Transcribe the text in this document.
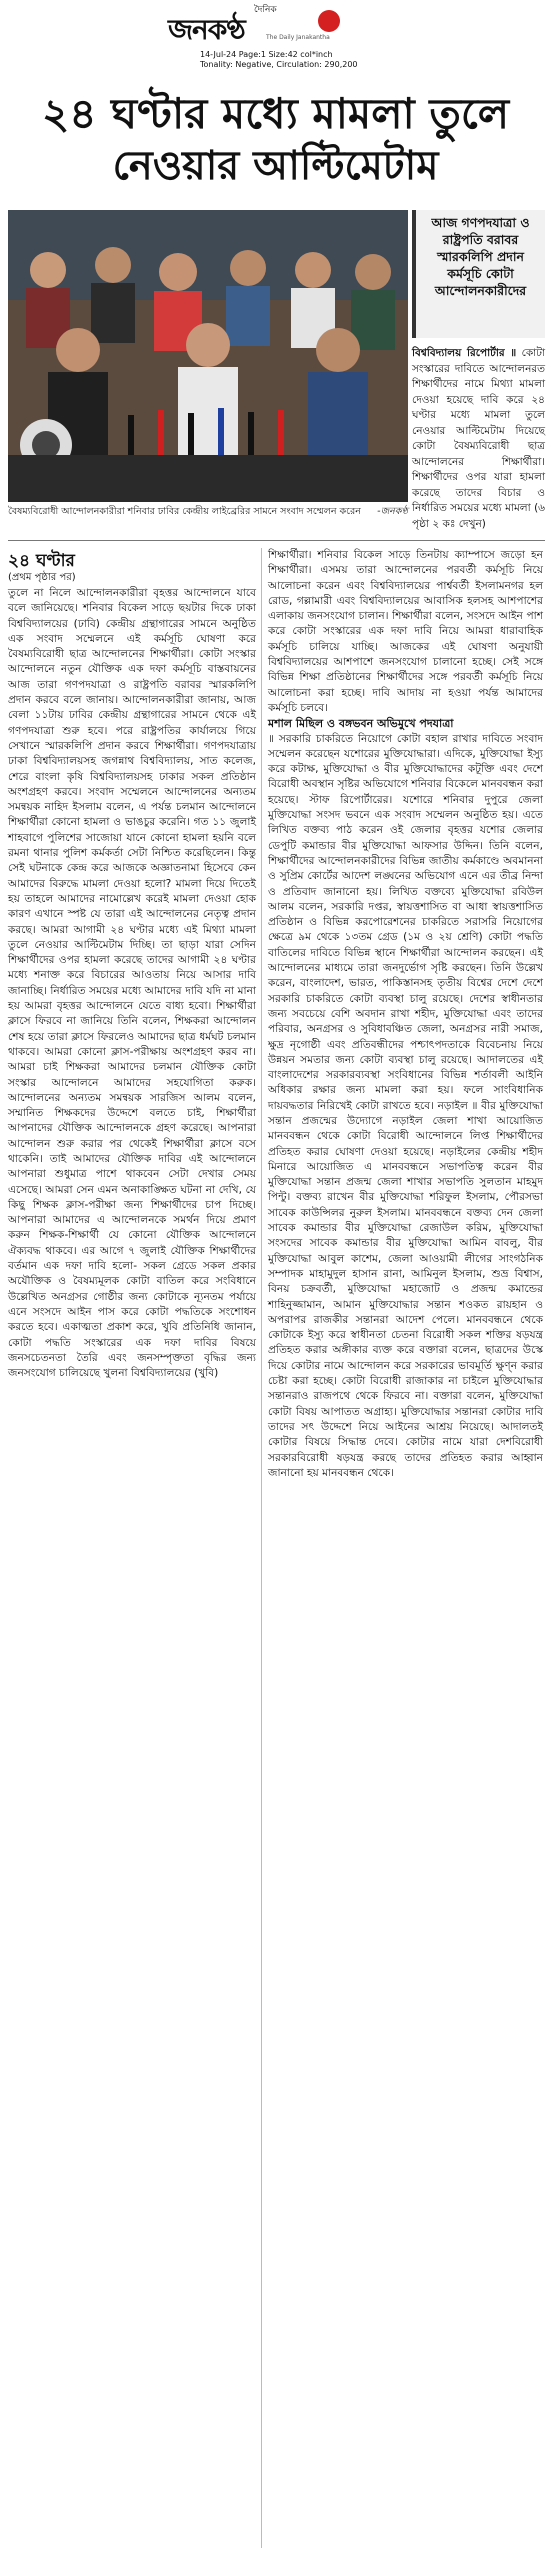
দৈনিক
জনকণ্ঠ	The Daily Janakantha
14-Jul-24 Page:1 Size:42 col*inch
Tonality: Negative, Circulation: 290,200
২৪ ঘণ্টার মধ্যে মামলা তুলে
নেওয়ার আল্টিমেটাম
বৈষম্যবিরোধী আন্দোলনকারীরা শনিবার ঢাবির কেন্দ্রীয় লাইব্রেরির সামনে সংবাদ সম্মেলন করেন -জনকণ্ঠ
আজ গণপদযাত্রা ও
রাষ্ট্রপতি বরাবর
স্মারকলিপি প্রদান
কর্মসূচি কোটা
আন্দোলনকারীদের
বিশ্ববিদ্যালয় রিপোর্টার ॥ কোটা সংস্কারের দাবিতে আন্দোলনরত শিক্ষার্থীদের নামে মিথ্যা মামলা দেওয়া হয়েছে দাবি করে ২৪ ঘণ্টার মধ্যে মামলা তুলে নেওয়ার আল্টিমেটাম দিয়েছে কোটা বৈষম্যবিরোধী ছাত্র আন্দোলনের শিক্ষার্থীরা। শিক্ষার্থীদের ওপর যারা হামলা করেছে তাদের বিচার ও নির্ধারিত সময়ের মধ্যে মামলা (৬ পৃষ্ঠা ২ কঃ দেখুন)
২৪ ঘণ্টার
(প্রথম পৃষ্ঠার পর)

তুলে না নিলে আন্দোলনকারীরা বৃহত্তর আন্দোলনে যাবে বলে জানিয়েছে। শনিবার বিকেল সাড়ে ছয়টার দিকে ঢাকা বিশ্ববিদ্যালয়ের (ঢাবি) কেন্দ্রীয় গ্রন্থাগারের সামনে অনুষ্ঠিত এক সংবাদ সম্মেলনে এই কর্মসূচি ঘোষণা করে বৈষম্যবিরোধী ছাত্র আন্দোলনের শিক্ষার্থীরা। কোটা সংস্কার আন্দোলনে নতুন যৌক্তিক এক দফা কর্মসূচি বাস্তবায়নের আজ তারা গণপদযাত্রা ও রাষ্ট্রপতি বরাবর স্মারকলিপি প্রদান করবে বলে জানায়। আন্দোলনকারীরা জানায়, আজ বেলা ১১টায় ঢাবির কেন্দ্রীয় গ্রন্থাগারের সামনে থেকে এই গণপদযাত্রা শুরু হবে। পরে রাষ্ট্রপতির কার্যালয়ে গিয়ে সেখানে স্মারকলিপি প্রদান করবে শিক্ষার্থীরা। গণপদযাত্রায় ঢাকা বিশ্ববিদ্যালয়সহ জগন্নাথ বিশ্ববিদ্যালয়, সাত কলেজ, শেরে বাংলা কৃষি বিশ্ববিদ্যালয়সহ ঢাকার সকল প্রতিষ্ঠান অংশগ্রহণ করবে। সংবাদ সম্মেলনে আন্দোলনের অন্যতম সমন্বয়ক নাহিদ ইসলাম বলেন, এ পর্যন্ত চলমান আন্দোলনে শিক্ষার্থীরা কোনো হামলা ও ভাঙচুর করেনি। গত ১১ জুলাই শাহবাগে পুলিশের সাজোয়া যানে কোনো হামলা হয়নি বলে রমনা থানার পুলিশ কর্মকর্তা সেটা নিশ্চিত করেছিলেন। কিন্তু সেই ঘটনাকে কেন্দ্র করে আজকে অজ্ঞাতনামা হিসেবে কেন আমাদের বিরুদ্ধে মামলা দেওয়া হলো? মামলা দিয়ে দিতেই হয় তাহলে আমাদের নামোল্লেখ করেই মামলা দেওয়া হোক কারণ এখানে স্পষ্ট যে তারা এই আন্দোলনের নেতৃত্ব প্রদান করছে। আমরা আগামী ২৪ ঘণ্টার মধ্যে এই মিথ্যা মামলা তুলে নেওয়ার আল্টিমেটাম দিচ্ছি। তা ছাড়া যারা সেদিন শিক্ষার্থীদের ওপর হামলা করেছে তাদের আগামী ২৪ ঘণ্টার মধ্যে শনাক্ত করে বিচারের আওতায় নিয়ে আসার দাবি জানাচ্ছি। নির্ধারিত সময়ের মধ্যে আমাদের দাবি যদি না মানা হয় আমরা বৃহত্তর আন্দোলনে যেতে বাধ্য হবো। শিক্ষার্থীরা ক্লাসে ফিরবে না জানিয়ে তিনি বলেন, শিক্ষকরা আন্দোলন শেষ হয়ে তারা ক্লাসে ফিরলেও আমাদের ছাত্র ধর্মঘট চলমান থাকবে। আমরা কোনো ক্লাস-পরীক্ষায় অংশগ্রহণ করব না। আমরা চাই শিক্ষকরা আমাদের চলমান যৌক্তিক কোটা সংস্কার আন্দোলনে আমাদের সহযোগিতা করুক। আন্দোলনের অন্যতম সমন্বয়ক সারজিস আলম বলেন, সম্মানিত শিক্ষকদের উদ্দেশে বলতে চাই, শিক্ষার্থীরা আপনাদের যৌক্তিক আন্দোলনকে গ্রহণ করেছে। আপনারা আন্দোলন শুরু করার পর থেকেই শিক্ষার্থীরা ক্লাসে বসে থাকেনি। তাই আমাদের যৌক্তিক দাবির এই আন্দোলনে আপনারা শুধুমাত্র পাশে থাকবেন সেটা দেখার সেময় এসেছে। আমরা সেন এমন অনাকাঙ্ক্ষিত ঘটনা না দেখি, যে কিছু শিক্ষক ক্লাস-পরীক্ষা জন্য শিক্ষার্থীদের চাপ দিচ্ছে। আপনারা আমাদের এ আন্দোলনকে সমর্থন দিয়ে প্রমাণ করুন শিক্ষক-শিক্ষার্থী যে কোনো যৌক্তিক আন্দোলনে ঐক্যবদ্ধ থাকবে। এর আগে ৭ জুলাই যৌক্তিক শিক্ষার্থীদের বর্তমান এক দফা দাবি হলো- সকল গ্রেডে সকল প্রকার অযৌক্তিক ও বৈষম্যমূলক কোটা বাতিল করে সংবিধানে উল্লেখিত অনগ্রসর গোষ্ঠীর জন্য কোটাকে ন্যূনতম পর্যায়ে এনে সংসদে আইন পাস করে কোটা পদ্ধতিকে সংশোধন করতে হবে। একাত্মতা প্রকাশ করে, খুবি প্রতিনিধি জানান, কোটা পদ্ধতি সংস্কারের এক দফা দাবির বিষয়ে জনসচেতনতা তৈরি এবং জনসম্পৃক্ততা বৃদ্ধির জন্য জনসংযোগ চালিয়েছে খুলনা বিশ্ববিদ্যালয়ের (খুবি)

শিক্ষার্থীরা। শনিবার বিকেল সাড়ে তিনটায় ক্যাম্পাসে জড়ো হন শিক্ষার্থীরা। এসময় তারা আন্দোলনের পরবর্তী কর্মসূচি নিয়ে আলোচনা করেন এবং বিশ্ববিদ্যালয়ের পার্শ্ববর্তী ইসলামনগর হল রোড, গল্লামারী এবং বিশ্ববিদ্যালয়ের আবাসিক হলসহ আশপাশের এলাকায় জনসংযোগ চালান। শিক্ষার্থীরা বলেন, সংসদে আইন পাশ করে কোটা সংস্কারের এক দফা দাবি নিয়ে আমরা ধারাবাহিক কর্মসূচি চালিয়ে যাচ্ছি। আজকের এই ঘোষণা অনুযায়ী বিশ্ববিদ্যালয়ের আশপাশে জনসংযোগ চালানো হচ্ছে। সেই সঙ্গে বিভিন্ন শিক্ষা প্রতিষ্ঠানের শিক্ষার্থীদের সঙ্গে পরবর্তী কর্মসূচি নিয়ে আলোচনা করা হচ্ছে। দাবি আদায় না হওয়া পর্যন্ত আমাদের কর্মসূচি চলবে।

মশাল মিছিল ও বঙ্গভবন অভিমুখে পদযাত্রা

॥ সরকারি চাকরিতে নিয়োগে কোটা বহাল রাখার দাবিতে সংবাদ সম্মেলন করেছেন যশোরের মুক্তিযোদ্ধারা। এদিকে, মুক্তিযোদ্ধা ইস্যু করে কটাক্ষ, মুক্তিযোদ্ধা ও বীর মুক্তিযোদ্ধাদের কটূক্তি এবং দেশে বিরোধী অবস্থান সৃষ্টির অভিযোগে শনিবার বিকেলে মানববন্ধন করা হয়েছে। স্টাফ রিপোর্টারের। যশোরে শনিবার দুপুরে জেলা মুক্তিযোদ্ধা সংসদ ভবনে এক সংবাদ সম্মেলন অনুষ্ঠিত হয়। এতে লিখিত বক্তব্য পাঠ করেন ওই জেলার বৃহত্তর যশোর জেলার ডেপুটি কমান্ডার বীর মুক্তিযোদ্ধা আফসার উদ্দিন। তিনি বলেন, শিক্ষার্থীদের আন্দোলনকারীদের বিভিন্ন জাতীয় কর্মকাণ্ডে অবমাননা ও সুপ্রিম কোর্টের আদেশ লঙ্ঘনের অভিযোগ এনে এর তীব্র নিন্দা ও প্রতিবাদ জানানো হয়। লিখিত বক্তব্যে মুক্তিযোদ্ধা রবিউল আলম বলেন, সরকারি দপ্তর, স্বায়ত্তশাসিত বা আধা স্বায়ত্তশাসিত প্রতিষ্ঠান ও বিভিন্ন করপোরেশনের চাকরিতে সরাসরি নিয়োগের ক্ষেত্রে ৯ম থেকে ১৩তম গ্রেড (১ম ও ২য় শ্রেণি) কোটা পদ্ধতি বাতিলের দাবিতে বিভিন্ন স্থানে শিক্ষার্থীরা আন্দোলন করছেন। এই আন্দোলনের মাধ্যমে তারা জনদুর্ভোগ সৃষ্টি করছেন। তিনি উল্লেখ করেন, বাংলাদেশ, ভারত, পাকিস্তানসহ তৃতীয় বিশ্বের দেশে দেশে সরকারি চাকরিতে কোটা ব্যবস্থা চালু রয়েছে। দেশের স্বাধীনতার জন্য সবচেয়ে বেশি অবদান রাখা শহীদ, মুক্তিযোদ্ধা এবং তাদের পরিবার, অনগ্রসর ও সুবিধাবঞ্চিত জেলা, অনগ্রসর নারী সমাজ, ক্ষুদ্র নৃগোষ্ঠী এবং প্রতিবন্ধীদের পশ্চাৎপদতাকে বিবেচনায় নিয়ে উন্নয়ন সমতার জন্য কোটা ব্যবস্থা চালু রয়েছে। আদালতের এই বাংলাদেশের সরকারব্যবস্থা সংবিধানের বিভিন্ন শর্তাবলী আইনি অধিকার রক্ষার জন্য মামলা করা হয়। ফলে সাংবিধানিক দায়বদ্ধতার নিরিখেই কোটা রাখতে হবে। নড়াইল ॥ বীর মুক্তিযোদ্ধা সন্তান প্রজন্মের উদ্যোগে নড়াইল জেলা শাখা আয়োজিত মানববন্ধন থেকে কোটা বিরোধী আন্দোলনে লিপ্ত শিক্ষার্থীদের প্রতিহত করার ঘোষণা দেওয়া হয়েছে। নড়াইলের কেন্দ্রীয় শহীদ মিনারে আয়োজিত এ মানববন্ধনে সভাপতিত্ব করেন বীর মুক্তিযোদ্ধা সন্তান প্রজন্ম জেলা শাখার সভাপতি সুলতান মাহমুদ পিন্টু। বক্তব্য রাখেন বীর মুক্তিযোদ্ধা শরিফুল ইসলাম, পৌরসভা সাবেক কাউন্সিলর নুরুল ইসলাম। মানববন্ধনে বক্তব্য দেন জেলা সাবেক কমান্ডার বীর মুক্তিযোদ্ধা রেজাউল করিম, মুক্তিযোদ্ধা সংসদের সাবেক কমান্ডার বীর মুক্তিযোদ্ধা আমিন বাবলু, বীর মুক্তিযোদ্ধা আবুল কাশেম, জেলা আওয়ামী লীগের সাংগঠনিক সম্পাদক মাহামুদুল হাসান রানা, আমিনুল ইসলাম, শুভ্র বিশ্বাস, বিনয় চক্রবর্তী, মুক্তিযোদ্ধা মহাজোট ও প্রজন্ম কমান্ডের শাহিনুজ্জামান, আমান মুক্তিযোদ্ধার সন্তান শওকত রায়হান ও অপরাপর রাজকীর সন্তানরা আদেশ পেলে। মানববন্ধনে থেকে কোটাকে ইস্যু করে স্বাধীনতা চেতনা বিরোধী সকল শক্তির ষড়যন্ত্র প্রতিহত করার অঙ্গীকার ব্যক্ত করে বক্তারা বলেন, ছাত্রদের উস্কে দিয়ে কোটার নামে আন্দোলন করে সরকারের ভাবমূর্তি ক্ষুণ্ন করার চেষ্টা করা হচ্ছে। কোটা বিরোধী রাজাকার না চাইলে মুক্তিযোদ্ধার সন্তানরাও রাজপথে থেকে ফিরবে না। বক্তারা বলেন, মুক্তিযোদ্ধা কোটা বিষয় আপাতত অগ্রাহ্য। মুক্তিযোদ্ধার সন্তানরা কোটার দাবি তাদের সৎ উদ্দেশে নিয়ে আইনের আশ্রয় নিয়েছে। আদালতই কোটার বিষয়ে সিদ্ধান্ত দেবে। কোটার নামে যারা দেশবিরোধী সরকারবিরোধী ষড়যন্ত্র করছে তাদের প্রতিহত করার আহ্বান জানানো হয় মানববন্ধন থেকে।
